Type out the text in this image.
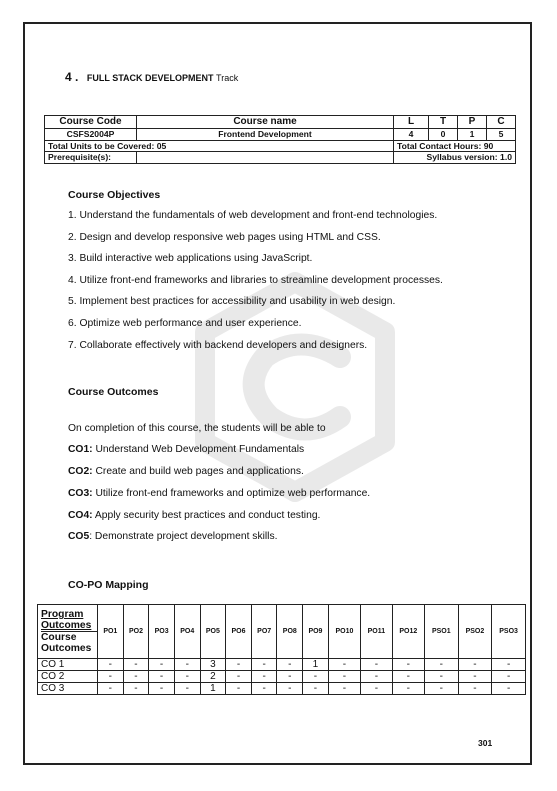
4 . FULL STACK DEVELOPMENT Track
Course Code	Course name	L	T	P	C
CSFS2004P	Frontend Development	4	0	1	5
Total Units to be Covered: 05		Total Contact Hours: 90			
Prerequisite(s):		Syllabus version: 1.0			
Course Objectives
1. Understand the fundamentals of web development and front-end technologies.
2. Design and develop responsive web pages using HTML and CSS.
3. Build interactive web applications using JavaScript.
4. Utilize front-end frameworks and libraries to streamline development processes.
5. Implement best practices for accessibility and usability in web design.
6. Optimize web performance and user experience.
7. Collaborate effectively with backend developers and designers.
Course Outcomes
On completion of this course, the students will be able to
CO1: Understand Web Development Fundamentals
CO2: Create and build web pages and applications.
CO3: Utilize front-end frameworks and optimize web performance.
CO4: Apply security best practices and conduct testing.
CO5: Demonstrate project development skills.
CO-PO Mapping
Program Outcomes
Course Outcomes	PO1	PO2	PO3	PO4	PO5	PO6	PO7	PO8	PO9	PO10	PO11	PO12	PSO1	PSO2	PSO3
CO 1	-	-	-	-	3	-	-	-	1	-	-	-	-	-	-
CO 2	-	-	-	-	2	-	-	-	-	-	-	-	-	-	-
CO 3	-	-	-	-	1	-	-	-	-	-	-	-	-	-	-
301
